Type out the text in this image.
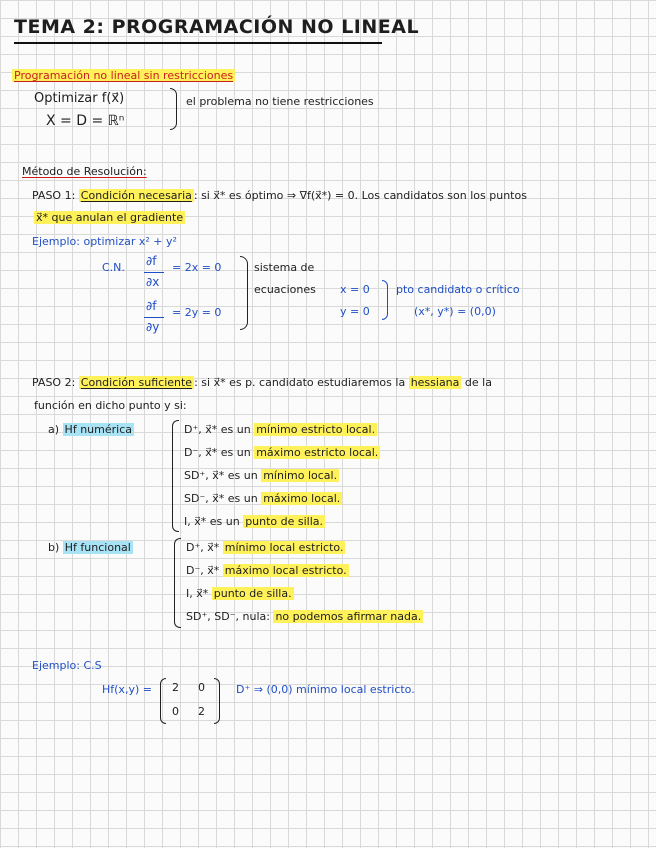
TEMA 2: PROGRAMACIÓN NO LINEAL
Programación no lineal sin restricciones
Optimizar f(x⃗)
X = D = ℝⁿ
el problema no tiene restricciones
Método de Resolución:
PASO 1: Condición necesaria : si x⃗* es óptimo ⇒ ∇f(x⃗*) = 0. Los candidatos son los puntos
x⃗* que anulan el gradiente
Ejemplo: optimizar x² + y²
C.N. ∂f
∂x
= 2x = 0
∂f
∂y
= 2y = 0
sistema de
ecuaciones x = 0
y = 0
pto candidato o crítico
(x*, y*) = (0,0)
PASO 2: Condición suficiente : si x⃗* es p. candidato estudiaremos la hessiana de la
función en dicho punto y si:
a) Hf numérica	D⁺, x⃗* es un mínimo estricto local.
D⁻, x⃗* es un máximo estricto local.
SD⁺, x⃗* es un mínimo local.
SD⁻, x⃗* es un máximo local.
I, x⃗* es un punto de silla.
b) Hf funcional	D⁺, x⃗* mínimo local estricto.
D⁻, x⃗* máximo local estricto.
I, x⃗* punto de silla.
SD⁺, SD⁻, nula: no podemos afirmar nada.
Ejemplo: C.S
Hf(x,y) = 2 0
0 2
D⁺ ⇒ (0,0) mínimo local estricto.
